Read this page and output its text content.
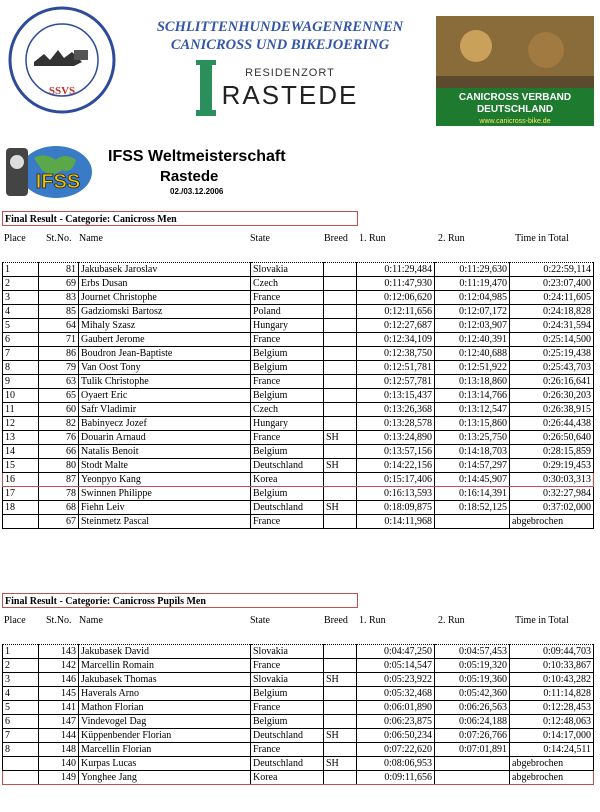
SSVS
SCHLITTENHUNDEWAGENRENNEN
CANICROSS UND BIKEJOERING
RESIDENZORT
RASTEDE	CANICROSS VERBAND
DEUTSCHLAND
www.canicross-bike.de
IFSS
IFSS Weltmeisterschaft
Rastede
02./03.12.2006
Final Result - Categorie: Canicross Men
Place St.No. Name	State	Breed 1. Run	2. Run	Time in Total
1	81	Jakubasek Jaroslav	Slovakia		0:11:29,484	0:11:29,630	0:22:59,114
2	69	Erbs Dusan	Czech		0:11:47,930	0:11:19,470	0:23:07,400
3	83	Journet Christophe	France		0:12:06,620	0:12:04,985	0:24:11,605
4	85	Gadziomski Bartosz	Poland		0:12:11,656	0:12:07,172	0:24:18,828
5	64	Mihaly Szasz	Hungary		0:12:27,687	0:12:03,907	0:24:31,594
6	71	Gaubert Jerome	France		0:12:34,109	0:12:40,391	0:25:14,500
7	86	Boudron Jean-Baptiste	Belgium		0:12:38,750	0:12:40,688	0:25:19,438
8	79	Van Oost Tony	Belgium		0:12:51,781	0:12:51,922	0:25:43,703
9	63	Tulik Christophe	France		0:12:57,781	0:13:18,860	0:26:16,641
10	65	Oyaert Eric	Belgium		0:13:15,437	0:13:14,766	0:26:30,203
11	60	Safr Vladimir	Czech		0:13:26,368	0:13:12,547	0:26:38,915
12	82	Babinyecz Jozef	Hungary		0:13:28,578	0:13:15,860	0:26:44,438
13	76	Douarin Arnaud	France	SH	0:13:24,890	0:13:25,750	0:26:50,640
14	66	Natalis Benoit	Belgium		0:13:57,156	0:14:18,703	0:28:15,859
15	80	Stodt Malte	Deutschland	SH	0:14:22,156	0:14:57,297	0:29:19,453
16	87	Yeonpyo Kang	Korea		0:15:17,406	0:14:45,907	0:30:03,313
17	78	Swinnen Philippe	Belgium		0:16:13,593	0:16:14,391	0:32:27,984
18	68	Fiehn Leiv	Deutschland	SH	0:18:09,875	0:18:52,125	0:37:02,000
	67	Steinmetz Pascal	France		0:14:11,968		abgebrochen
Final Result - Categorie: Canicross Pupils Men
Place St.No. Name	State	Breed 1. Run	2. Run	Time in Total
1	143	Jakubasek David	Slovakia		0:04:47,250	0:04:57,453	0:09:44,703
2	142	Marcellin Romain	France		0:05:14,547	0:05:19,320	0:10:33,867
3	146	Jakubasek Thomas	Slovakia	SH	0:05:23,922	0:05:19,360	0:10:43,282
4	145	Haverals Arno	Belgium		0:05:32,468	0:05:42,360	0:11:14,828
5	141	Mathon Florian	France		0:06:01,890	0:06:26,563	0:12:28,453
6	147	Vindevogel Dag	Belgium		0:06:23,875	0:06:24,188	0:12:48,063
7	144	Küppenbender Florian	Deutschland	SH	0:06:50,234	0:07:26,766	0:14:17,000
8	148	Marcellin Florian	France		0:07:22,620	0:07:01,891	0:14:24,511
	140	Kurpas Lucas	Deutschland	SH	0:08:06,953		abgebrochen
	149	Yonghee Jang	Korea		0:09:11,656		abgebrochen
